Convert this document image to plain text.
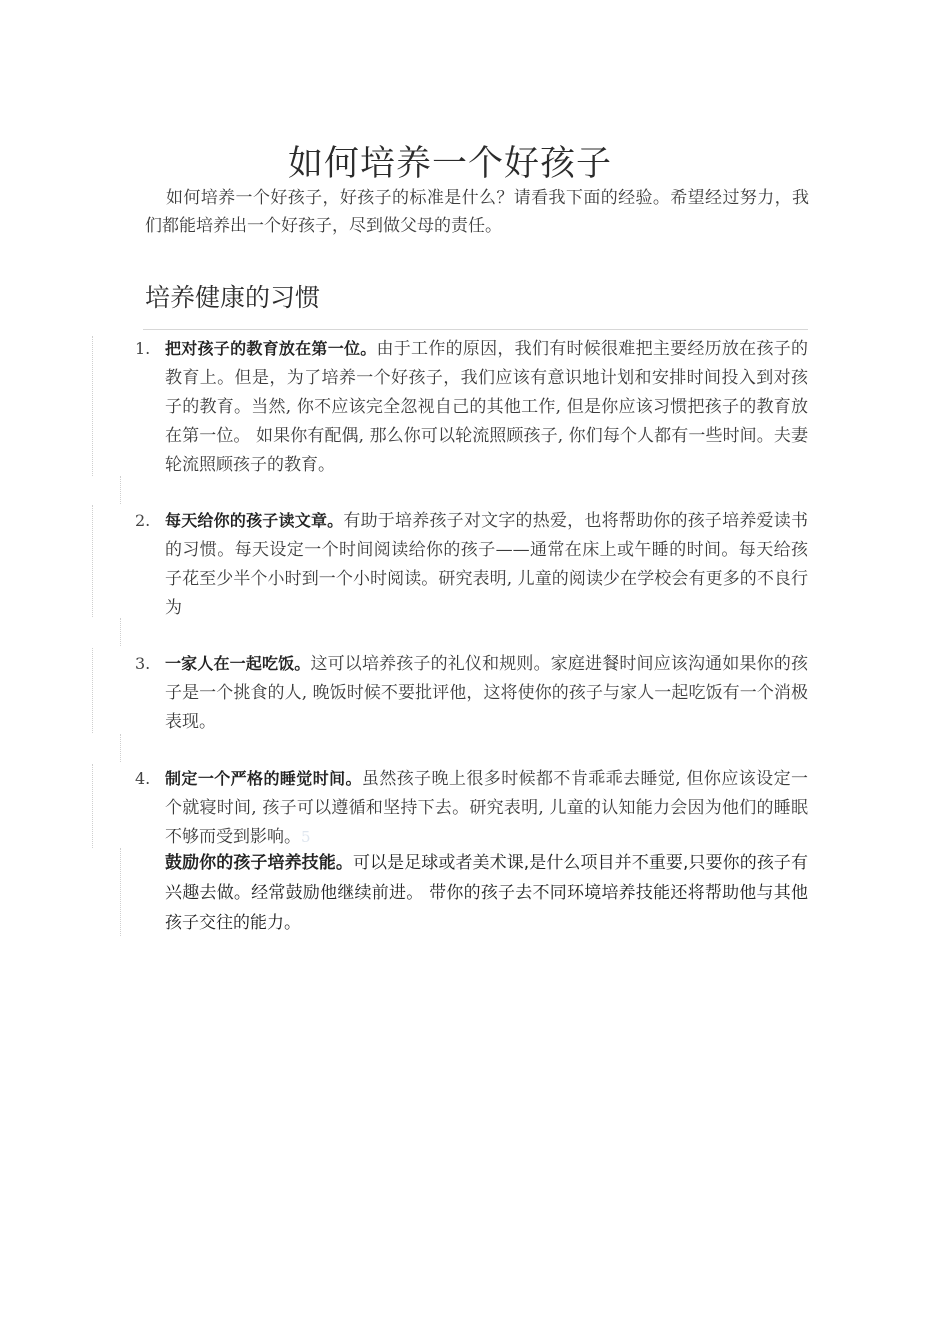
如何培养一个好孩子
如何培养一个好孩子，好孩子的标准是什么？请看我下面的经验。希望经过努力，我们都能培养出一个好孩子，尽到做父母的责任。
培养健康的习惯
1. 把对孩子的教育放在第一位。由于工作的原因，我们有时候很难把主要经历放在孩子的教育上。但是，为了培养一个好孩子，我们应该有意识地计划和安排时间投入到对孩子的教育。当然, 你不应该完全忽视自己的其他工作, 但是你应该习惯把孩子的教育放在第一位。 如果你有配偶, 那么你可以轮流照顾孩子, 你们每个人都有一些时间。夫妻轮流照顾孩子的教育。
2. 每天给你的孩子读文章。有助于培养孩子对文字的热爱，也将帮助你的孩子培养爱读书的习惯。每天设定一个时间阅读给你的孩子——通常在床上或午睡的时间。每天给孩子花至少半个小时到一个小时阅读。研究表明, 儿童的阅读少在学校会有更多的不良行为
3. 一家人在一起吃饭。这可以培养孩子的礼仪和规则。家庭进餐时间应该沟通如果你的孩子是一个挑食的人, 晚饭时候不要批评他，这将使你的孩子与家人一起吃饭有一个消极表现。
4. 制定一个严格的睡觉时间。虽然孩子晚上很多时候都不肯乖乖去睡觉, 但你应该设定一个就寝时间, 孩子可以遵循和坚持下去。研究表明, 儿童的认知能力会因为他们的睡眠不够而受到影响。5
鼓励你的孩子培养技能。可以是足球或者美术课,是什么项目并不重要,只要你的孩子有兴趣去做。经常鼓励他继续前进。 带你的孩子去不同环境培养技能还将帮助他与其他孩子交往的能力。
